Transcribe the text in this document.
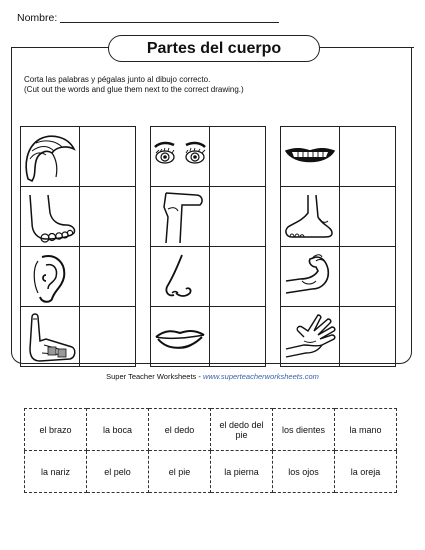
Nombre:
Partes del cuerpo
Corta las palabras y pégalas junto al dibujo correcto.
(Cut out the words and glue them next to the correct drawing.)

Super Teacher Worksheets - www.superteacherworksheets.com
el brazo	la boca	el dedo	el dedo del pie	los dientes	la mano
la nariz	el pelo	el pie	la pierna	los ojos	la oreja
